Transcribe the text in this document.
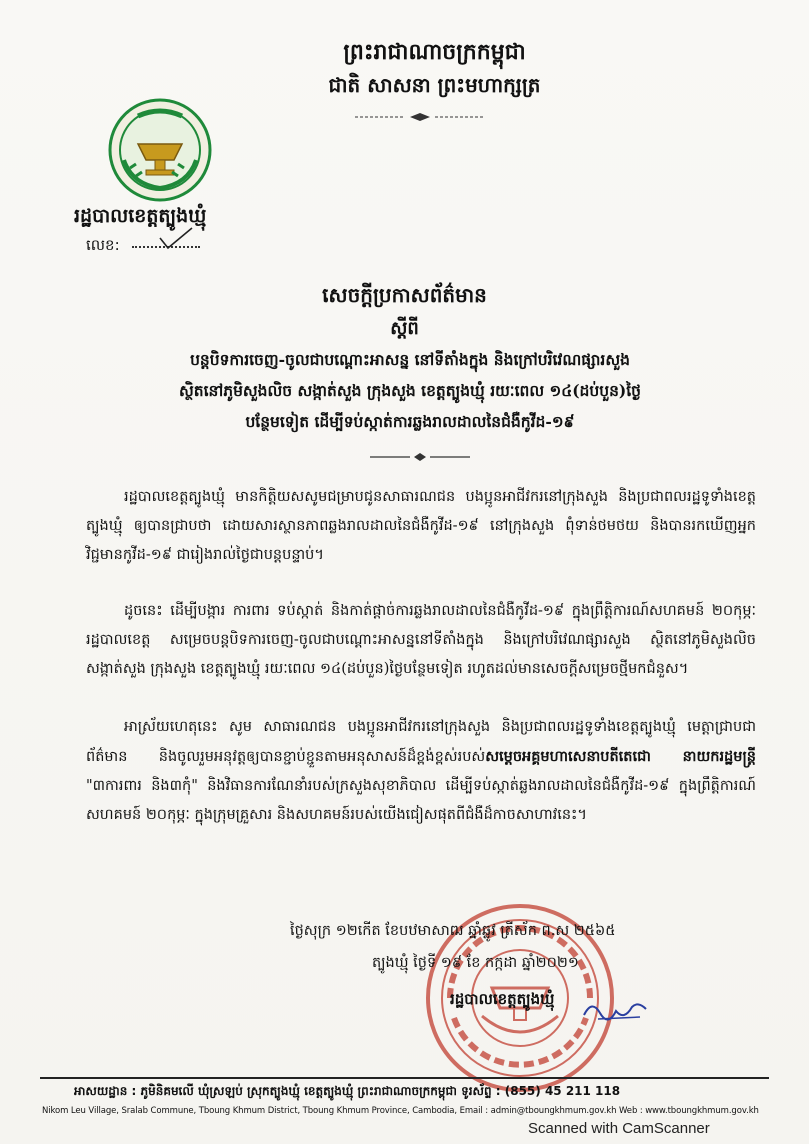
ព្រះរាជាណាចក្រកម្ពុជា
ជាតិ សាសនា ព្រះមហាក្សត្រ
រដ្ឋបាលខេត្តត្បូងឃ្មុំ
លេខ:
សេចក្តីប្រកាសព័ត៌មាន
ស្តីពី
បន្តបិទការចេញ-ចូលជាបណ្តោះអាសន្ន នៅទីតាំងក្នុង និងក្រៅបរិវេណផ្សារសួង
ស្ថិតនៅភូមិសួងលិច សង្កាត់សួង ក្រុងសួង ខេត្តត្បូងឃ្មុំ រយៈពេល ១៤(ដប់បួន)ថ្ងៃ
បន្ថែមទៀត ដើម្បីទប់ស្កាត់ការឆ្លងរាលដាលនៃជំងឺកូវីដ-១៩
រដ្ឋបាលខេត្តត្បូងឃ្មុំ មានកិត្តិយសសូមជម្រាបជូនសាធារណជន បងប្អូនអាជីវករនៅក្រុងសួង និងប្រជាពលរដ្ឋទូទាំងខេត្តត្បូងឃ្មុំ ឲ្យបានជ្រាបថា ដោយសារស្ថានភាពឆ្លងរាលដាលនៃជំងឺកូវីដ-១៩ នៅក្រុងសួង ពុំទាន់ថមថយ និងបានរកឃើញអ្នកវិជ្ជមានកូវីដ-១៩ ជារៀងរាល់ថ្ងៃជាបន្តបន្ទាប់។
ដូចនេះ ដើម្បីបង្ការ ការពារ ទប់ស្កាត់ និងកាត់ផ្តាច់ការឆ្លងរាលដាលនៃជំងឺកូវីដ-១៩ ក្នុងព្រឹត្តិការណ៍សហគមន៍ ២០កុម្ភៈ រដ្ឋបាលខេត្ត សម្រេចបន្តបិទការចេញ-ចូលជាបណ្តោះអាសន្ននៅទីតាំងក្នុង និងក្រៅបរិវេណផ្សារសួង ស្ថិតនៅភូមិសួងលិច សង្កាត់សួង ក្រុងសួង ខេត្តត្បូងឃ្មុំ រយៈពេល ១៤(ដប់បួន)ថ្ងៃបន្ថែមទៀត រហូតដល់មានសេចក្តីសម្រេចថ្មីមកជំនួស។
អាស្រ័យហេតុនេះ សូម សាធារណជន បងប្អូនអាជីវករនៅក្រុងសួង និងប្រជាពលរដ្ឋទូទាំងខេត្តត្បូងឃ្មុំ មេត្តាជ្រាបជាព័ត៌មាន និងចូលរួមអនុវត្តឲ្យបានខ្ជាប់ខ្ជួនតាមអនុសាសន៍ដ៏ខ្ពង់ខ្ពស់របស់សម្តេចអគ្គមហាសេនាបតីតេជោ នាយករដ្ឋមន្ត្រី "៣ការពារ និង៣កុំ" និងវិធានការណែនាំរបស់ក្រសួងសុខាភិបាល ដើម្បីទប់ស្កាត់ឆ្លងរាលដាលនៃជំងឺកូវីដ-១៩ ក្នុងព្រឹត្តិការណ៍សហគមន៍ ២០កុម្ភៈ ក្នុងក្រុមគ្រួសារ និងសហគមន៍របស់យើងជៀសផុតពីជំងឺដ៏កាចសាហាវនេះ។
ថ្ងៃសុក្រ ១២កើត ខែបឋមាសាឍ ឆ្នាំឆ្លូវ ត្រីស័ក ព.ស ២៥៦៥
ត្បូងឃ្មុំ ថ្ងៃទី ១៩ ខែ កក្កដា ឆ្នាំ២០២១
រដ្ឋបាលខេត្តត្បូងឃ្មុំ
អាសយដ្ឋាន : ភូមិនិគមលើ ឃុំស្រឡប់ ស្រុកត្បូងឃ្មុំ ខេត្តត្បូងឃ្មុំ ព្រះរាជាណាចក្រកម្ពុជា ទូរស័ព្ទ : (855) 45 211 118
Nikom Leu Village, Sralab Commune, Tboung Khmum District, Tboung Khmum Province, Cambodia, Email : admin@tboungkhmum.gov.kh Web : www.tboungkhmum.gov.kh
Scanned with CamScanner
